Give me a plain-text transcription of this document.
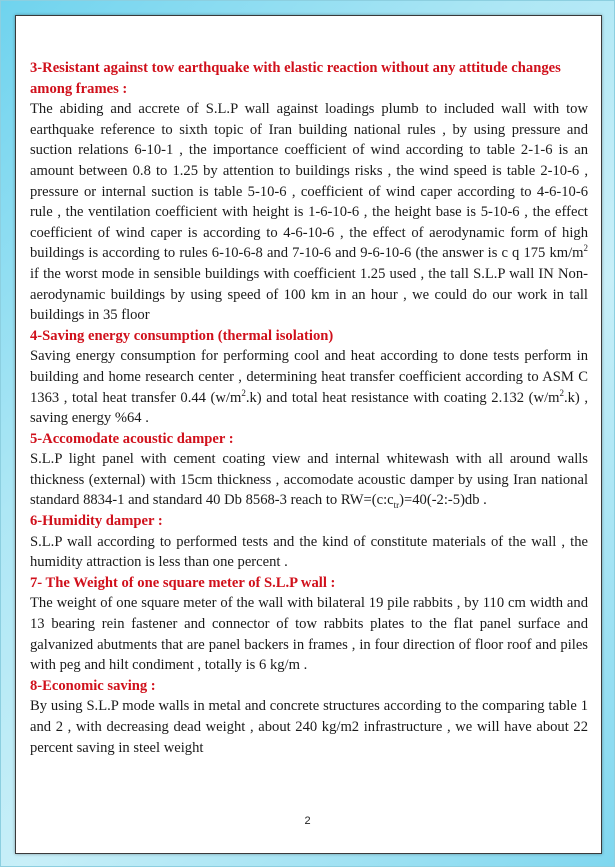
3-Resistant against tow earthquake with elastic reaction without any attitude changes among frames :

The abiding and accrete of S.L.P wall against loadings plumb to included wall with tow earthquake reference to sixth topic of Iran building national rules , by using pressure and suction relations 6-10-1 , the importance coefficient of wind according to table 2-1-6 is an amount between 0.8 to 1.25 by attention to buildings risks , the wind speed is table 2-10-6 , pressure or internal suction is table 5-10-6 , coefficient of wind caper according to 4-6-10-6 rule , the ventilation coefficient with height is 1-6-10-6 , the height base is 5-10-6 , the effect coefficient of wind caper is according to 4-6-10-6 , the effect of aerodynamic form of high buildings is according to rules 6-10-6-8 and 7-10-6 and 9-6-10-6 (the answer is c q 175 $km/m^2$ if the worst mode in sensible buildings with coefficient 1.25 used , the tall S.L.P wall IN Non-aerodynamic buildings by using speed of 100 km in an hour , we could do our work in tall buildings in 35 floor

4-Saving energy consumption (thermal isolation)

Saving energy consumption for performing cool and heat according to done tests perform in building and home research center , determining heat transfer coefficient according to ASM C 1363 , total heat transfer 0.44 $(w/m^2.k)$ and total heat resistance with coating 2.132 $(w/m^2.k)$ , saving energy %64 .

5-Accomodate acoustic damper :

S.L.P light panel with cement coating view and internal whitewash with all around walls thickness (external) with 15cm thickness , accomodate acoustic damper by using Iran national standard 8834-1 and standard 40 Db 8568-3 reach to $RW=(c:c_{tr})=40(-2:-5)db$ .

6-Humidity damper :

S.L.P wall according to performed tests and the kind of constitute materials of the wall , the humidity attraction is less than one percent .

7- The Weight of one square meter of S.L.P wall :

The weight of one square meter of the wall with bilateral 19 pile rabbits , by 110 cm width and 13 bearing rein fastener and connector of tow rabbits plates to the flat panel surface and galvanized abutments that are panel backers in frames , in four direction of floor roof and piles with peg and hilt condiment , totally is 6 kg/m .

8-Economic saving :

By using S.L.P mode walls in metal and concrete structures according to the comparing table 1 and 2 , with decreasing dead weight , about 240 kg/m2 infrastructure , we will have about 22 percent saving in steel weight

2
